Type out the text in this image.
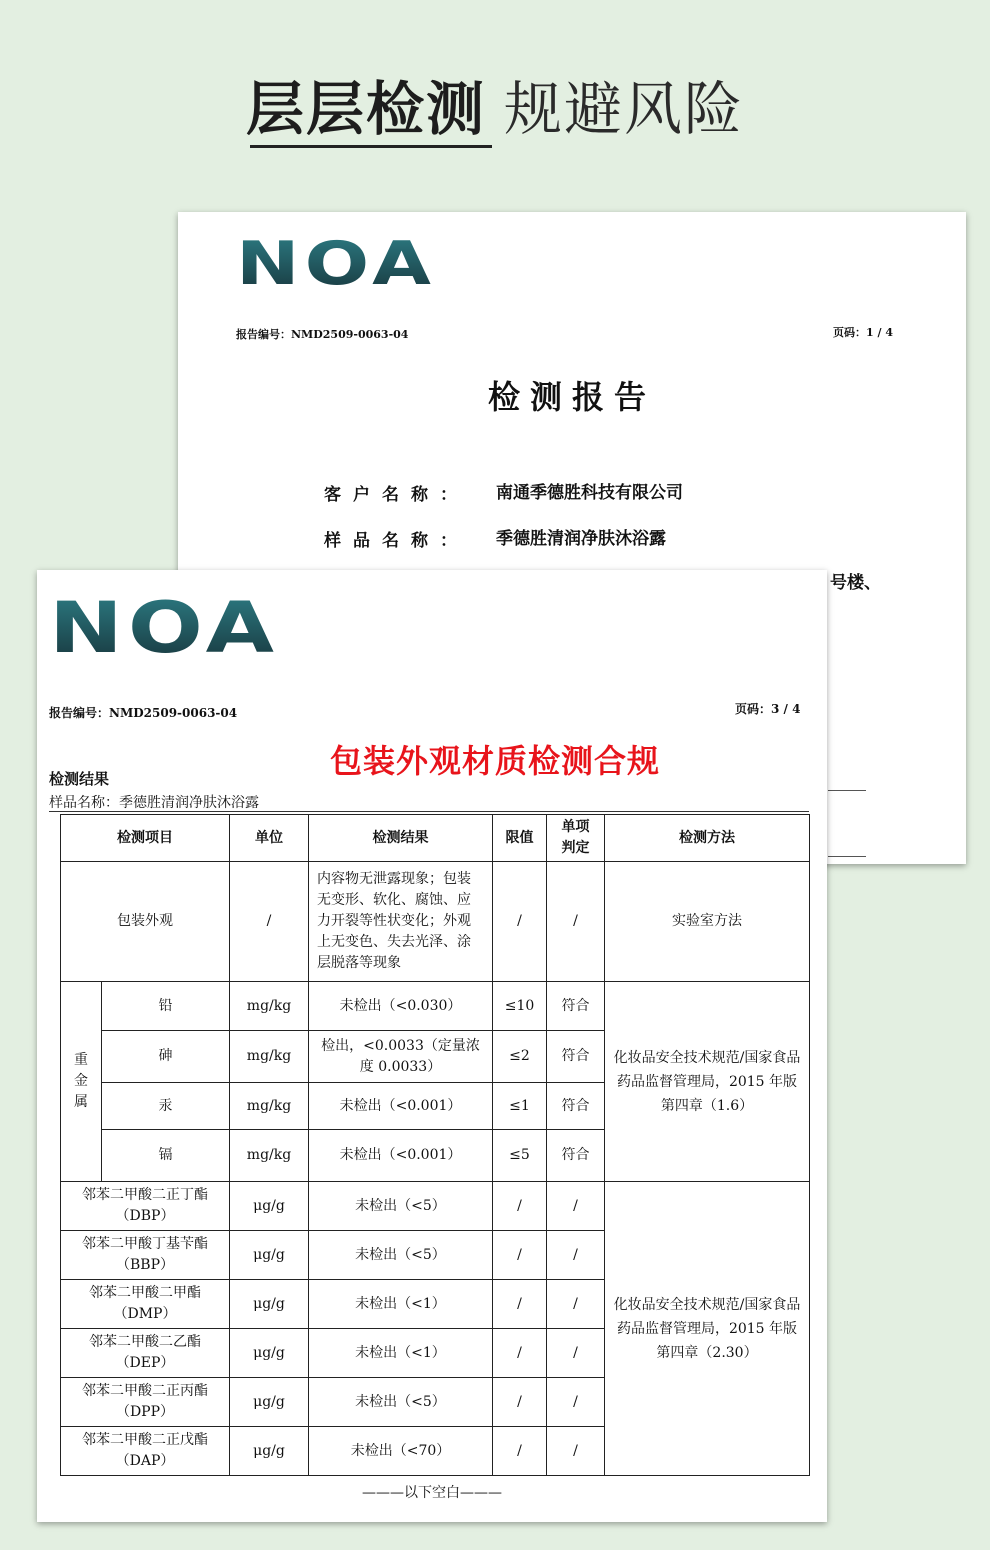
层层检测 规避风险
NOA
报告编号：NMD2509-0063-04	页码：1 / 4
检测报告
客户名称： 南通季德胜科技有限公司
样品名称： 季德胜清润净肤沐浴露
号楼、
NOA
报告编号：NMD2509-0063-04	页码：3 / 4
检测结果
样品名称：季德胜清润净肤沐浴露
检测项目		单位	检测结果	限值	单项判定	检测方法
包装外观		/	内容物无泄露现象；包装无变形、软化、腐蚀、应力开裂等性状变化；外观上无变色、失去光泽、涂层脱落等现象	/	/	实验室方法
重金属	铅	mg/kg	未检出（<0.030）	≤10	符合	化妆品安全技术规范/国家食品药品监督管理局，2015 年版 第四章（1.6）
	砷	mg/kg	检出，<0.0033（定量浓度 0.0033）	≤2	符合	
	汞	mg/kg	未检出（<0.001）	≤1	符合	
	镉	mg/kg	未检出（<0.001）	≤5	符合	
邻苯二甲酸二正丁酯（DBP）		μg/g	未检出（<5）	/	/	化妆品安全技术规范/国家食品药品监督管理局，2015 年版 第四章（2.30）
邻苯二甲酸丁基苄酯（BBP）		μg/g	未检出（<5）	/	/	
邻苯二甲酸二甲酯（DMP）		μg/g	未检出（<1）	/	/	
邻苯二甲酸二乙酯（DEP）		μg/g	未检出（<1）	/	/	
邻苯二甲酸二正丙酯（DPP）		μg/g	未检出（<5）	/	/	
邻苯二甲酸二正戊酯（DAP）		μg/g	未检出（<70）	/	/	
———以下空白———
包装外观材质检测合规
